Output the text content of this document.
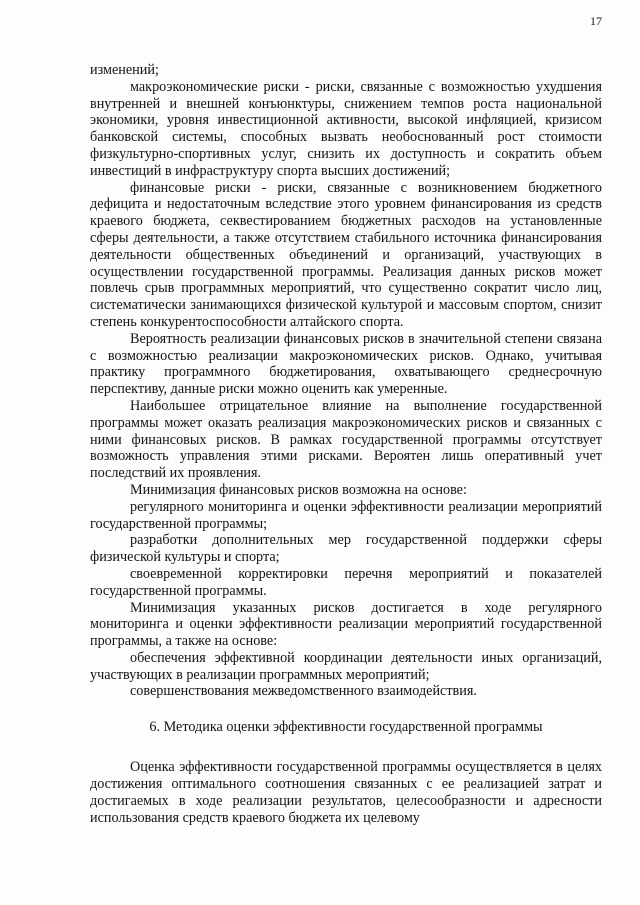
17

изменений;

макроэкономические риски - риски, связанные с возможностью ухудшения внутренней и внешней конъюнктуры, снижением темпов роста национальной экономики, уровня инвестиционной активности, высокой инфляцией, кризисом банковской системы, способных вызвать необоснованный рост стоимости физкультурно-спортивных услуг, снизить их доступность и сократить объем инвестиций в инфраструктуру спорта высших достижений;

финансовые риски - риски, связанные с возникновением бюджетного дефицита и недостаточным вследствие этого уровнем финансирования из средств краевого бюджета, секвестированием бюджетных расходов на установленные сферы деятельности, а также отсутствием стабильного источника финансирования деятельности общественных объединений и организаций, участвующих в осуществлении государственной программы. Реализация данных рисков может повлечь срыв программных мероприятий, что существенно сократит число лиц, систематически занимающихся физической культурой и массовым спортом, снизит степень конкурентоспособности алтайского спорта.

Вероятность реализации финансовых рисков в значительной степени связана с возможностью реализации макроэкономических рисков. Однако, учитывая практику программного бюджетирования, охватывающего среднесрочную перспективу, данные риски можно оценить как умеренные.

Наибольшее отрицательное влияние на выполнение государственной программы может оказать реализация макроэкономических рисков и связанных с ними финансовых рисков. В рамках государственной программы отсутствует возможность управления этими рисками. Вероятен лишь оперативный учет последствий их проявления.

Минимизация финансовых рисков возможна на основе:

регулярного мониторинга и оценки эффективности реализации мероприятий государственной программы;

разработки дополнительных мер государственной поддержки сферы физической культуры и спорта;

своевременной корректировки перечня мероприятий и показателей государственной программы.

Минимизация указанных рисков достигается в ходе регулярного мониторинга и оценки эффективности реализации мероприятий государственной программы, а также на основе:

обеспечения эффективной координации деятельности иных организаций, участвующих в реализации программных мероприятий;

совершенствования межведомственного взаимодействия.

6. Методика оценки эффективности государственной программы

Оценка эффективности государственной программы осуществляется в целях достижения оптимального соотношения связанных с ее реализацией затрат и достигаемых в ходе реализации результатов, целесообразности и адресности использования средств краевого бюджета их целевому
